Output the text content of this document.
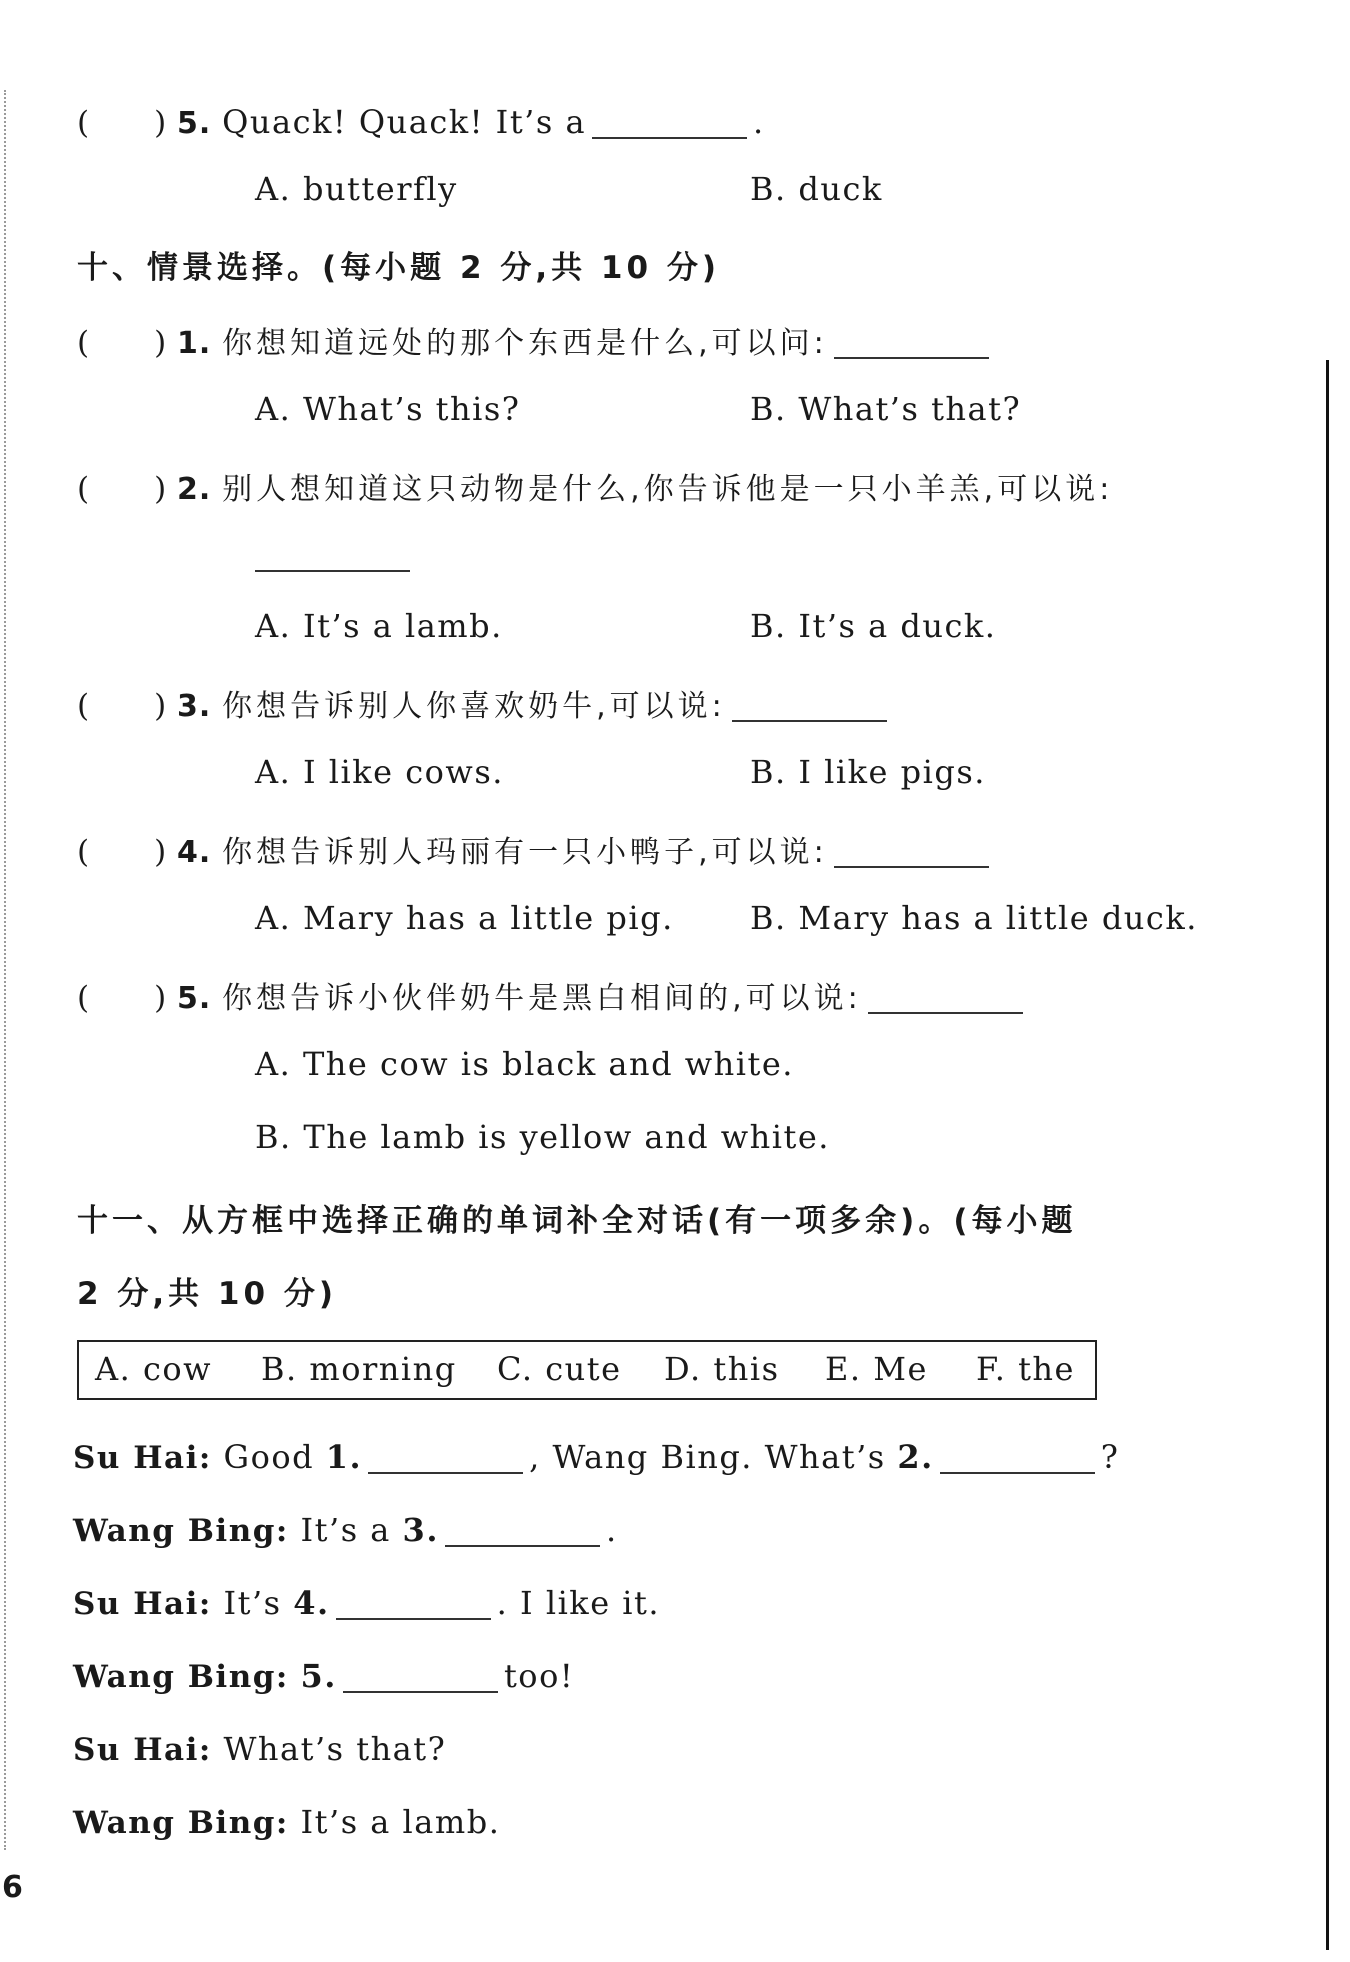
(　　) 5. Quack! Quack! It’s a	.
A. butterfly	B. duck
十、情景选择。(每小题 2 分,共 10 分)
(　　) 1. 你想知道远处的那个东西是什么,可以问:
A. What’s this?	B. What’s that?
(　　) 2. 别人想知道这只动物是什么,你告诉他是一只小羊羔,可以说:
A. It’s a lamb.	B. It’s a duck.
(　　) 3. 你想告诉别人你喜欢奶牛,可以说:
A. I like cows.	B. I like pigs.
(　　) 4. 你想告诉别人玛丽有一只小鸭子,可以说:
A. Mary has a little pig. B. Mary has a little duck.
(　　) 5. 你想告诉小伙伴奶牛是黑白相间的,可以说:
A. The cow is black and white.
B. The lamb is yellow and white.
十一、从方框中选择正确的单词补全对话(有一项多余)。(每小题
2 分,共 10 分)
A. cow B. morning C. cute D. this E. Me F. the
Su Hai: Good 1.	, Wang Bing. What’s 2.	?
Wang Bing: It’s a 3.	.
Su Hai: It’s 4.	. I like it.
Wang Bing: 5.	too!
Su Hai: What’s that?
Wang Bing: It’s a lamb.
6
